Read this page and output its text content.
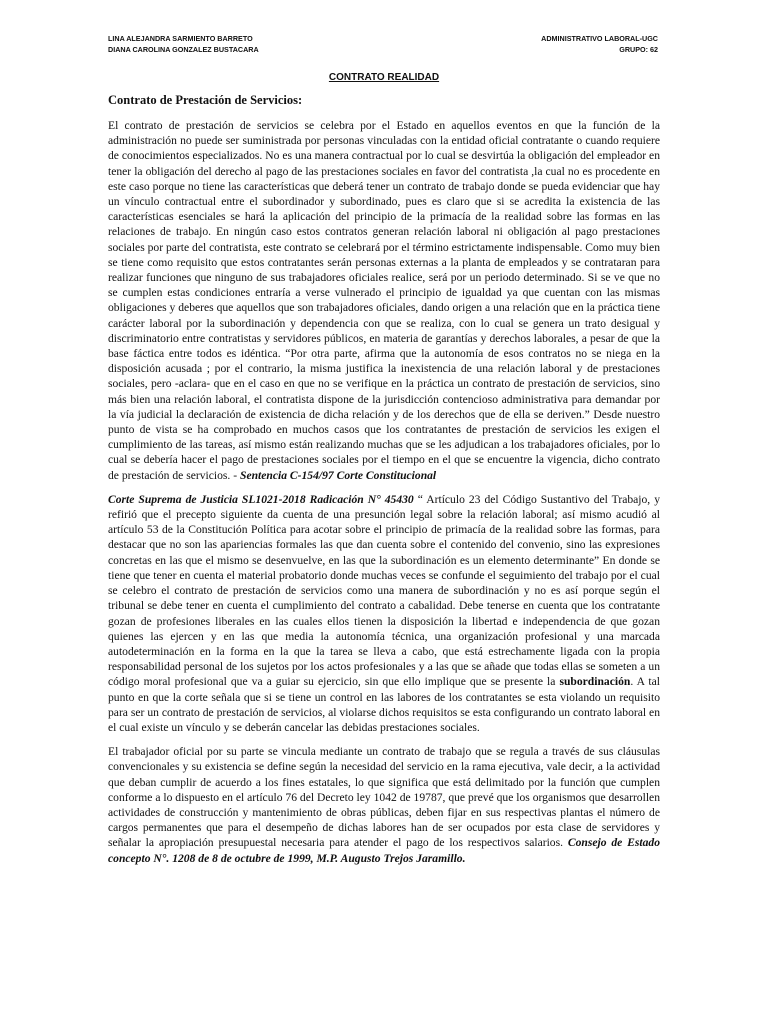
LINA ALEJANDRA SARMIENTO BARRETO	ADMINISTRATIVO LABORAL-UGC
DIANA CAROLINA GONZALEZ BUSTACARA	GRUPO: 62
CONTRATO REALIDAD
Contrato de Prestación de Servicios:

El contrato de prestación de servicios se celebra por el Estado en aquellos eventos en que la función de la administración no puede ser suministrada por personas vinculadas con la entidad oficial contratante o cuando requiere de conocimientos especializados. No es una manera contractual por lo cual se desvirtúa la obligación del empleador en tener la obligación del derecho al pago de las prestaciones sociales en favor del contratista ,la cual no es procedente en este caso porque no tiene las características que deberá tener un contrato de trabajo donde se pueda evidenciar que hay un vínculo contractual entre el subordinador y subordinado, pues es claro que si se acredita la existencia de las características esenciales se hará la aplicación del principio de la primacía de la realidad sobre las formas en las relaciones de trabajo. En ningún caso estos contratos generan relación laboral ni obligación al pago prestaciones sociales por parte del contratista, este contrato se celebrará por el término estrictamente indispensable. Como muy bien se tiene como requisito que estos contratantes serán personas externas a la planta de empleados y se contrataran para realizar funciones que ninguno de sus trabajadores oficiales realice, será por un periodo determinado. Si se ve que no se cumplen estas condiciones entraría a verse vulnerado el principio de igualdad ya que cuentan con las mismas obligaciones y deberes que aquellos que son trabajadores oficiales, dando origen a una relación que en la práctica tiene carácter laboral por la subordinación y dependencia con que se realiza, con lo cual se genera un trato desigual y discriminatorio entre contratistas y servidores públicos, en materia de garantías y derechos laborales, a pesar de que la base fáctica entre todos es idéntica. “Por otra parte, afirma que la autonomía de esos contratos no se niega en la disposición acusada ; por el contrario, la misma justifica la inexistencia de una relación laboral y de prestaciones sociales, pero -aclara- que en el caso en que no se verifique en la práctica un contrato de prestación de servicios, sino más bien una relación laboral, el contratista dispone de la jurisdicción contencioso administrativa para demandar por la vía judicial la declaración de existencia de dicha relación y de los derechos que de ella se deriven.” Desde nuestro punto de vista se ha comprobado en muchos casos que los contratantes de prestación de servicios les exigen el cumplimiento de las tareas, así mismo están realizando muchas que se les adjudican a los trabajadores oficiales, por lo cual se debería hacer el pago de prestaciones sociales por el tiempo en el que se encuentre la vigencia, dicho contrato de prestación de servicios. - Sentencia C-154/97 Corte Constitucional

Corte Suprema de Justicia SL1021-2018 Radicación N° 45430 “ Artículo 23 del Código Sustantivo del Trabajo, y refirió que el precepto siguiente da cuenta de una presunción legal sobre la relación laboral; así mismo acudió al artículo 53 de la Constitución Política para acotar sobre el principio de primacía de la realidad sobre las formas, para destacar que no son las apariencias formales las que dan cuenta sobre el contenido del convenio, sino las expresiones concretas en las que el mismo se desenvuelve, en las que la subordinación es un elemento determinante” En donde se tiene que tener en cuenta el material probatorio donde muchas veces se confunde el seguimiento del trabajo por el cual se celebro el contrato de prestación de servicios como una manera de subordinación y no es así porque según el tribunal se debe tener en cuenta el cumplimiento del contrato a cabalidad. Debe tenerse en cuenta que los contratante gozan de profesiones liberales en las cuales ellos tienen la disposición la libertad e independencia de que gozan quienes las ejercen y en las que media la autonomía técnica, una organización profesional y una marcada autodeterminación en la forma en la que la tarea se lleva a cabo, que está estrechamente ligada con la propia responsabilidad personal de los sujetos por los actos profesionales y a las que se añade que todas ellas se someten a un código moral profesional que va a guiar su ejercicio, sin que ello implique que se presente la subordinación. A tal punto en que la corte señala que si se tiene un control en las labores de los contratantes se esta violando un requisito para ser un contrato de prestación de servicios, al violarse dichos requisitos se esta configurando un contrato laboral en el cual existe un vínculo y se deberán cancelar las debidas prestaciones sociales.

El trabajador oficial por su parte se vincula mediante un contrato de trabajo que se regula a través de sus cláusulas convencionales y su existencia se define según la necesidad del servicio en la rama ejecutiva, vale decir, a la actividad que deban cumplir de acuerdo a los fines estatales, lo que significa que está delimitado por la función que cumplen conforme a lo dispuesto en el artículo 76 del Decreto ley 1042 de 19787, que prevé que los organismos que desarrollen actividades de construcción y mantenimiento de obras públicas, deben fijar en sus respectivas plantas el número de cargos permanentes que para el desempeño de dichas labores han de ser ocupados por esta clase de servidores y señalar la apropiación presupuestal necesaria para atender el pago de los respectivos salarios. Consejo de Estado concepto N°. 1208 de 8 de octubre de 1999, M.P. Augusto Trejos Jaramillo.
